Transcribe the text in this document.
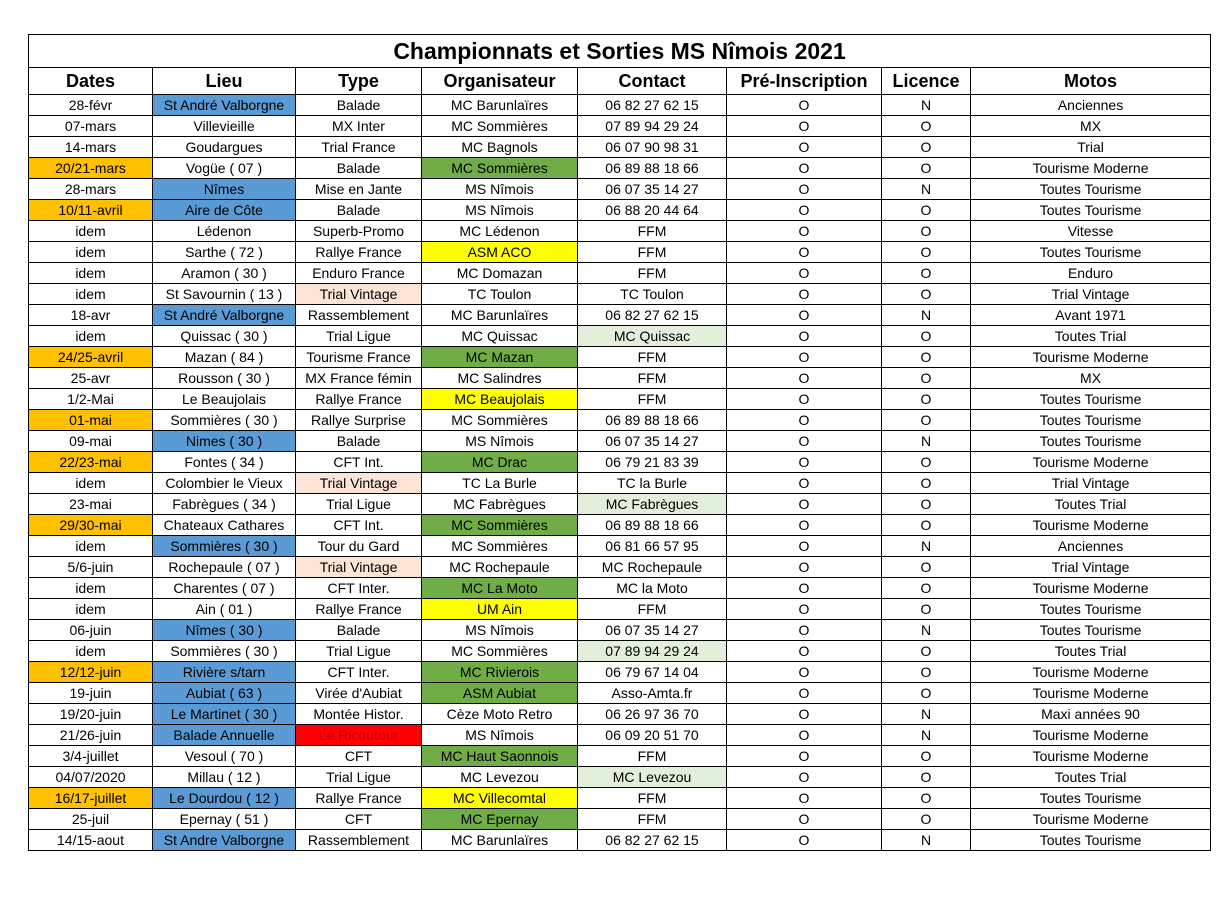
Championnats et Sorties MS Nîmois 2021							
Dates	Lieu	Type	Organisateur	Contact	Pré-Inscription	Licence	Motos
28-févr	St André Valborgne	Balade	MC Barunlaïres	06 82 27 62 15	O	N	Anciennes
07-mars	Villevieille	MX Inter	MC Sommières	07 89 94 29 24	O	O	MX
14-mars	Goudargues	Trial France	MC Bagnols	06 07 90 98 31	O	O	Trial
20/21-mars	Vogüe ( 07 )	Balade	MC Sommières	06 89 88 18 66	O	O	Tourisme Moderne
28-mars	Nîmes	Mise en Jante	MS Nîmois	06 07 35 14 27	O	N	Toutes Tourisme
10/11-avril	Aire de Côte	Balade	MS Nîmois	06 88 20 44 64	O	O	Toutes Tourisme
idem	Lédenon	Superb-Promo	MC Lédenon	FFM	O	O	Vitesse
idem	Sarthe ( 72 )	Rallye France	ASM ACO	FFM	O	O	Toutes Tourisme
idem	Aramon ( 30 )	Enduro France	MC Domazan	FFM	O	O	Enduro
idem	St Savournin ( 13 )	Trial Vintage	TC Toulon	TC Toulon	O	O	Trial Vintage
18-avr	St André Valborgne	Rassemblement	MC Barunlaïres	06 82 27 62 15	O	N	Avant 1971
idem	Quissac ( 30 )	Trial Ligue	MC Quissac	MC Quissac	O	O	Toutes Trial
24/25-avril	Mazan ( 84 )	Tourisme France	MC Mazan	FFM	O	O	Tourisme Moderne
25-avr	Rousson ( 30 )	MX France fémin	MC Salindres	FFM	O	O	MX
1/2-Mai	Le Beaujolais	Rallye France	MC Beaujolais	FFM	O	O	Toutes Tourisme
01-mai	Sommières ( 30 )	Rallye Surprise	MC Sommières	06 89 88 18 66	O	O	Toutes Tourisme
09-mai	Nimes ( 30 )	Balade	MS Nîmois	06 07 35 14 27	O	N	Toutes Tourisme
22/23-mai	Fontes ( 34 )	CFT Int.	MC Drac	06 79 21 83 39	O	O	Tourisme Moderne
idem	Colombier le Vieux	Trial Vintage	TC La Burle	TC la Burle	O	O	Trial Vintage
23-mai	Fabrègues ( 34 )	Trial Ligue	MC Fabrègues	MC Fabrègues	O	O	Toutes Trial
29/30-mai	Chateaux Cathares	CFT Int.	MC Sommières	06 89 88 18 66	O	O	Tourisme Moderne
idem	Sommières ( 30 )	Tour du Gard	MC Sommières	06 81 66 57 95	O	N	Anciennes
5/6-juin	Rochepaule ( 07 )	Trial Vintage	MC Rochepaule	MC Rochepaule	O	O	Trial Vintage
idem	Charentes ( 07 )	CFT Inter.	MC La Moto	MC la Moto	O	O	Tourisme Moderne
idem	Ain ( 01 )	Rallye France	UM Ain	FFM	O	O	Toutes Tourisme
06-juin	Nîmes ( 30 )	Balade	MS Nîmois	06 07 35 14 27	O	N	Toutes Tourisme
idem	Sommières ( 30 )	Trial Ligue	MC Sommières	07 89 94 29 24	O	O	Toutes Trial
12/12-juin	Rivière s/tarn	CFT Inter.	MC Rivierois	06 79 67 14 04	O	O	Tourisme Moderne
19-juin	Aubiat ( 63 )	Virée d'Aubiat	ASM Aubiat	Asso-Amta.fr	O	O	Tourisme Moderne
19/20-juin	Le Martinet ( 30 )	Montée Histor.	Cèze Moto Retro	06 26 97 36 70	O	N	Maxi années 90
21/26-juin	Balade Annuelle	Le Ricoutour	MS Nîmois	06 09 20 51 70	O	N	Tourisme Moderne
3/4-juillet	Vesoul ( 70 )	CFT	MC Haut Saonnois	FFM	O	O	Tourisme Moderne
04/07/2020	Millau ( 12 )	Trial Ligue	MC Levezou	MC Levezou	O	O	Toutes Trial
16/17-juillet	Le Dourdou ( 12 )	Rallye France	MC Villecomtal	FFM	O	O	Toutes Tourisme
25-juil	Epernay ( 51 )	CFT	MC Epernay	FFM	O	O	Tourisme Moderne
14/15-aout	St Andre Valborgne	Rassemblement	MC Barunlaïres	06 82 27 62 15	O	N	Toutes Tourisme
